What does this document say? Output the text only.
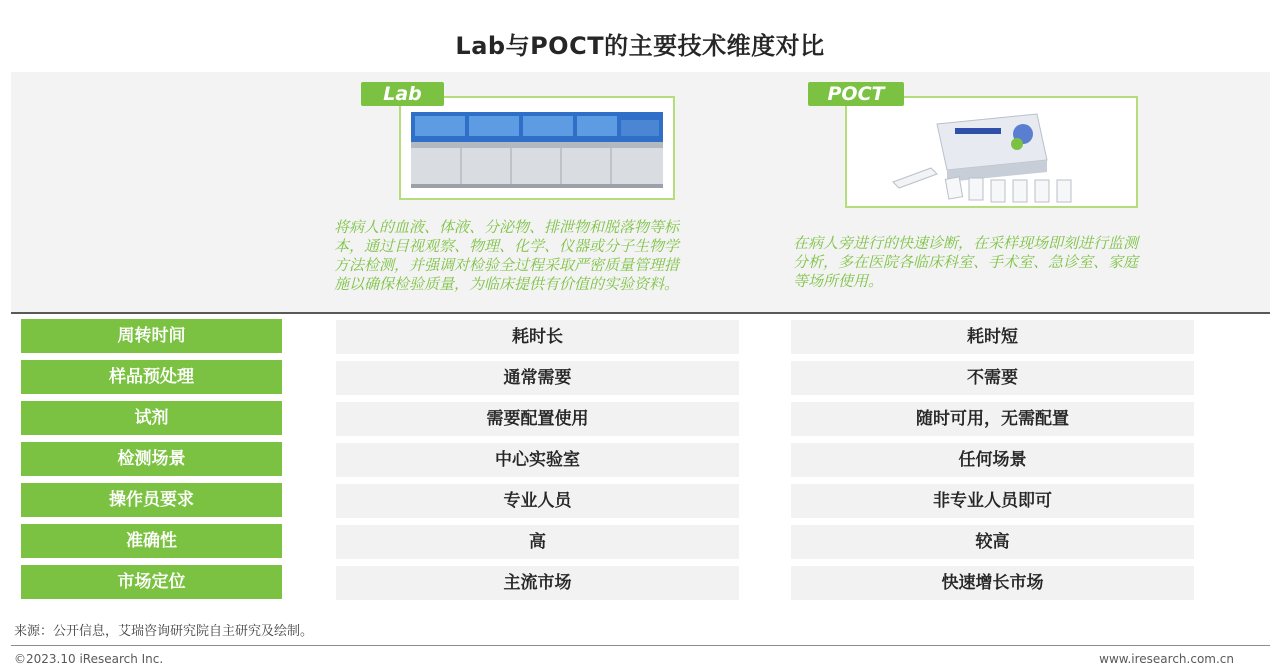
Lab与POCT的主要技术维度对比
Lab
将病人的血液、体液、分泌物、排泄物和脱落物等标
本，通过目视观察、物理、化学、仪器或分子生物学
方法检测，并强调对检验全过程采取严密质量管理措
施以确保检验质量，为临床提供有价值的实验资料。
POCT
在病人旁进行的快速诊断，在采样现场即刻进行监测
分析，多在医院各临床科室、手术室、急诊室、家庭
等场所使用。
周转时间	耗时长	耗时短
样品预处理	通常需要	不需要
试剂	需要配置使用	随时可用，无需配置
检测场景	中心实验室	任何场景
操作员要求	专业人员	非专业人员即可
准确性	高	较高
市场定位	主流市场	快速增长市场
来源：公开信息，艾瑞咨询研究院自主研究及绘制。
©2023.10 iResearch Inc.	www.iresearch.com.cn
